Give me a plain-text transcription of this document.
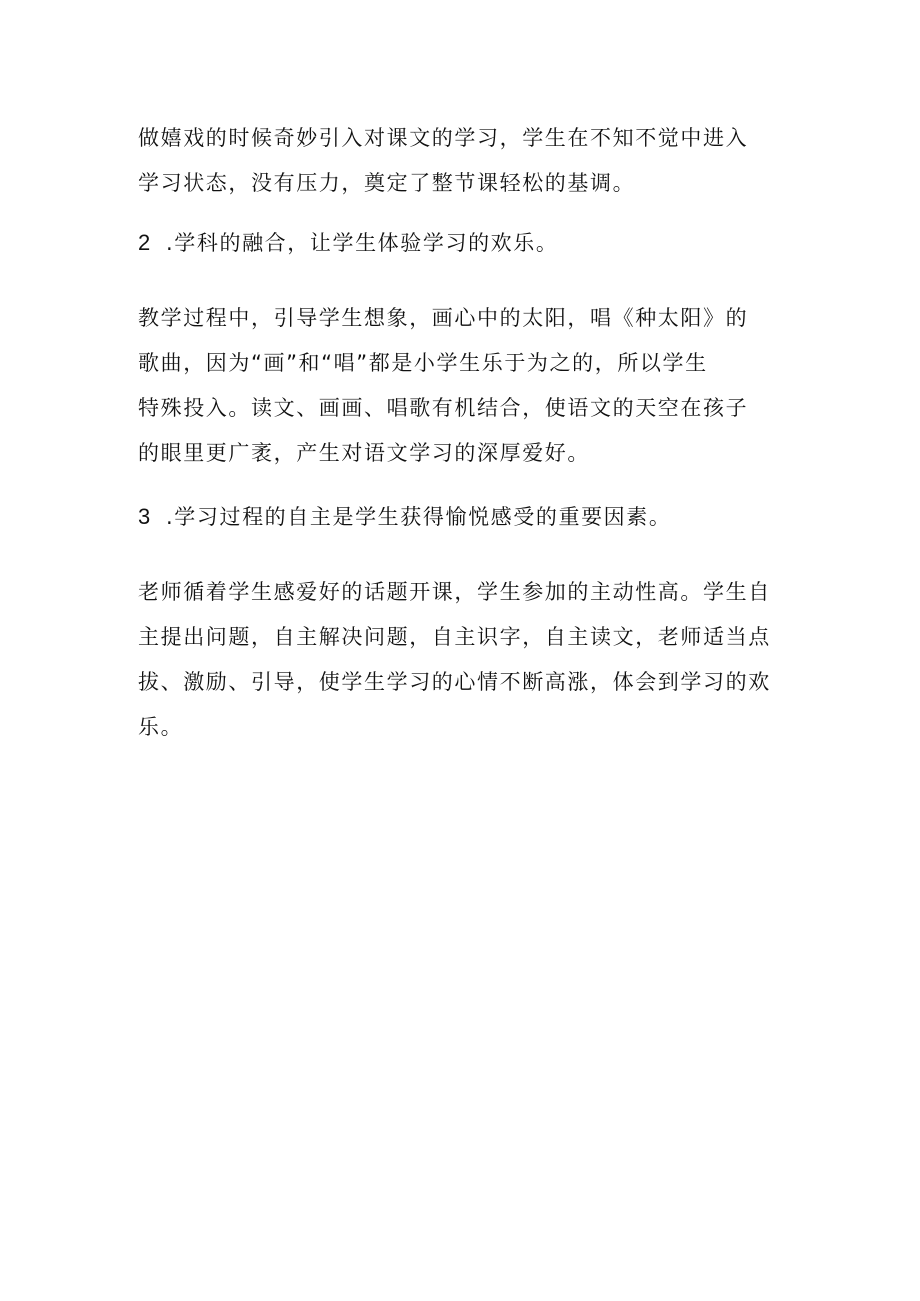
做嬉戏的时候奇妙引入对课文的学习，学生在不知不觉中进入
学习状态，没有压力，奠定了整节课轻松的基调。

2 .学科的融合，让学生体验学习的欢乐。

教学过程中，引导学生想象，画心中的太阳，唱《种太阳》的
歌曲，因为“画”和“唱”都是小学生乐于为之的，所以学生
特殊投入。读文、画画、唱歌有机结合，使语文的天空在孩子
的眼里更广袤，产生对语文学习的深厚爱好。

3 .学习过程的自主是学生获得愉悦感受的重要因素。

老师循着学生感爱好的话题开课，学生参加的主动性高。学生自
主提出问题，自主解决问题，自主识字，自主读文，老师适当点
拔、激励、引导，使学生学习的心情不断高涨，体会到学习的欢
乐。
